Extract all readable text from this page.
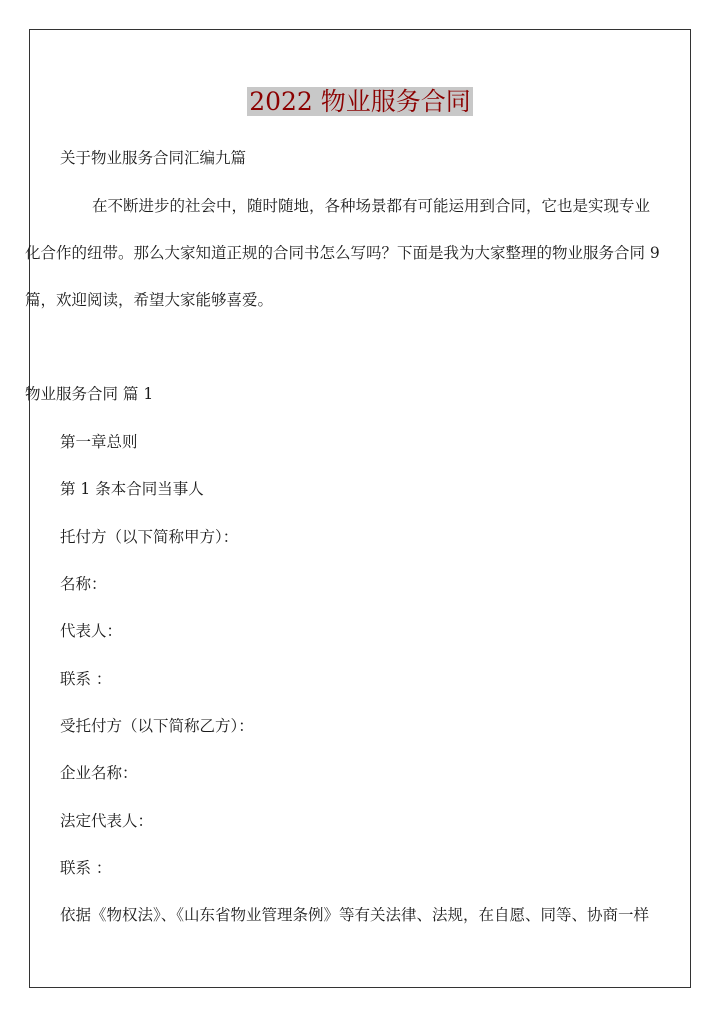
2022 物业服务合同
关于物业服务合同汇编九篇
在不断进步的社会中，随时随地，各种场景都有可能运用到合同，它也是实现专业
化合作的纽带。那么大家知道正规的合同书怎么写吗？下面是我为大家整理的物业服务合同 9
篇，欢迎阅读，希望大家能够喜爱。
物业服务合同 篇 1
第一章总则
第 1 条本合同当事人
托付方（以下简称甲方）：
名称：
代表人：
联系 ：
受托付方（以下简称乙方）：
企业名称：
法定代表人：
联系 ：
依据《物权法》、《山东省物业管理条例》等有关法律、法规，在自愿、同等、协商一样
